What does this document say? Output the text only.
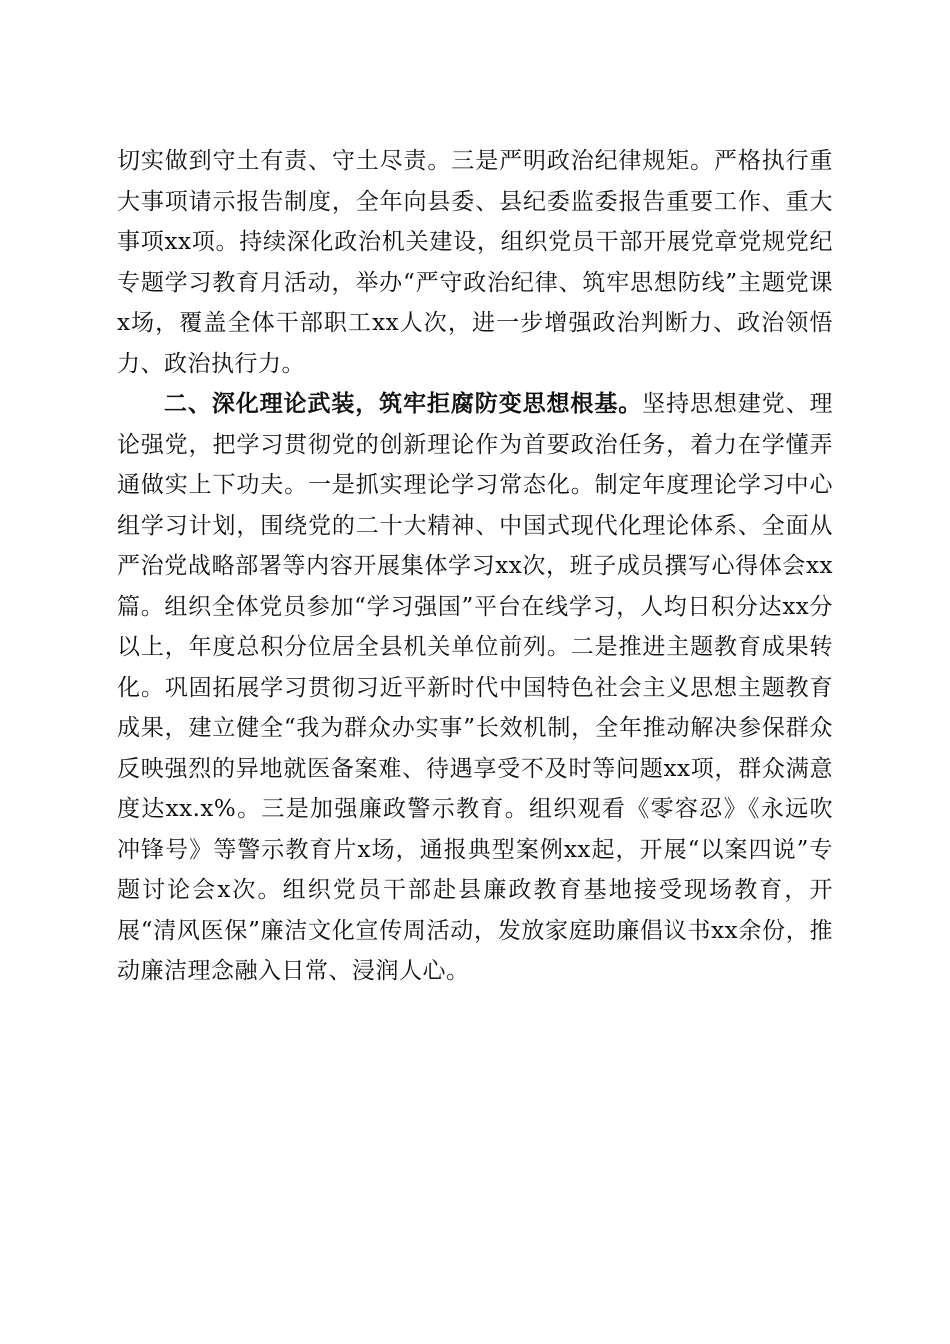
切实做到守土有责、守土尽责。三是严明政治纪律规矩。严格执行重大事项请示报告制度，全年向县委、县纪委监委报告重要工作、重大事项xx项。持续深化政治机关建设，组织党员干部开展党章党规党纪专题学习教育月活动，举办“严守政治纪律、筑牢思想防线”主题党课x场，覆盖全体干部职工xx人次，进一步增强政治判断力、政治领悟力、政治执行力。

二、深化理论武装，筑牢拒腐防变思想根基。坚持思想建党、理论强党，把学习贯彻党的创新理论作为首要政治任务，着力在学懂弄通做实上下功夫。一是抓实理论学习常态化。制定年度理论学习中心组学习计划，围绕党的二十大精神、中国式现代化理论体系、全面从严治党战略部署等内容开展集体学习xx次，班子成员撰写心得体会xx篇。组织全体党员参加“学习强国”平台在线学习，人均日积分达xx分以上，年度总积分位居全县机关单位前列。二是推进主题教育成果转化。巩固拓展学习贯彻习近平新时代中国特色社会主义思想主题教育成果，建立健全“我为群众办实事”长效机制，全年推动解决参保群众反映强烈的异地就医备案难、待遇享受不及时等问题xx项，群众满意度达xx.x%。三是加强廉政警示教育。组织观看《零容忍》《永远吹冲锋号》等警示教育片x场，通报典型案例xx起，开展“以案四说”专题讨论会x次。组织党员干部赴县廉政教育基地接受现场教育，开展“清风医保”廉洁文化宣传周活动，发放家庭助廉倡议书xx余份，推动廉洁理念融入日常、浸润人心。
